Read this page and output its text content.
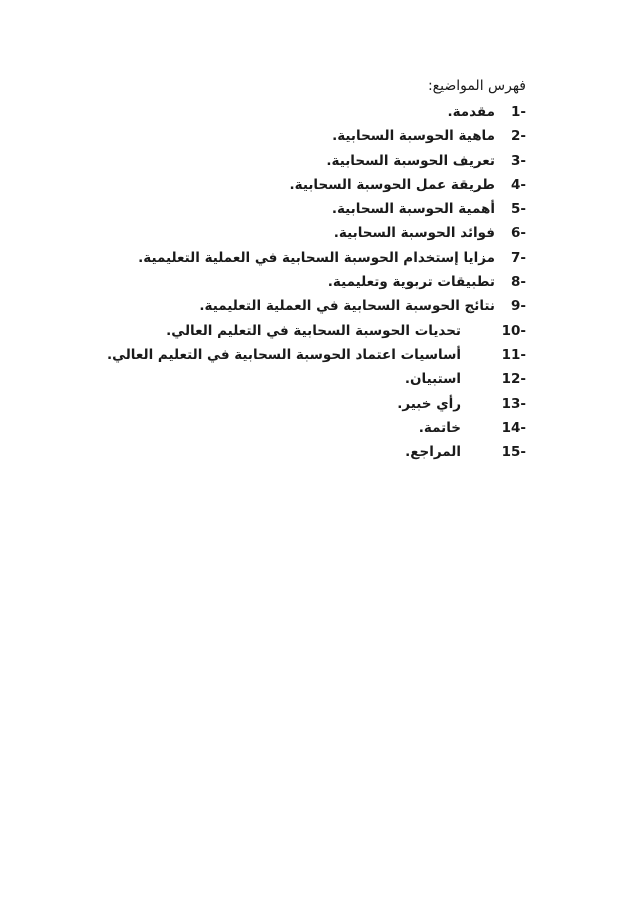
فهرس المواضيع:
1-
مقدمة.
2-
ماهية الحوسبة السحابية.
3-
تعريف الحوسبة السحابية.
4-
طريقة عمل الحوسبة السحابية.
5-
أهمية الحوسبة السحابية.
6-
فوائد الحوسبة السحابية.
7-
مزايا إستخدام الحوسبة السحابية في العملية التعليمية.
8-
تطبيقات تربوية وتعليمية.
9-
نتائج الحوسبة السحابية في العملية التعليمية.
10-
تحديات الحوسبة السحابية في التعليم العالي.
11-
أساسيات اعتماد الحوسبة السحابية في التعليم العالي.
12-
استبيان.
13-
رأي خبير.
14-
خاتمة.
15-
المراجع.
